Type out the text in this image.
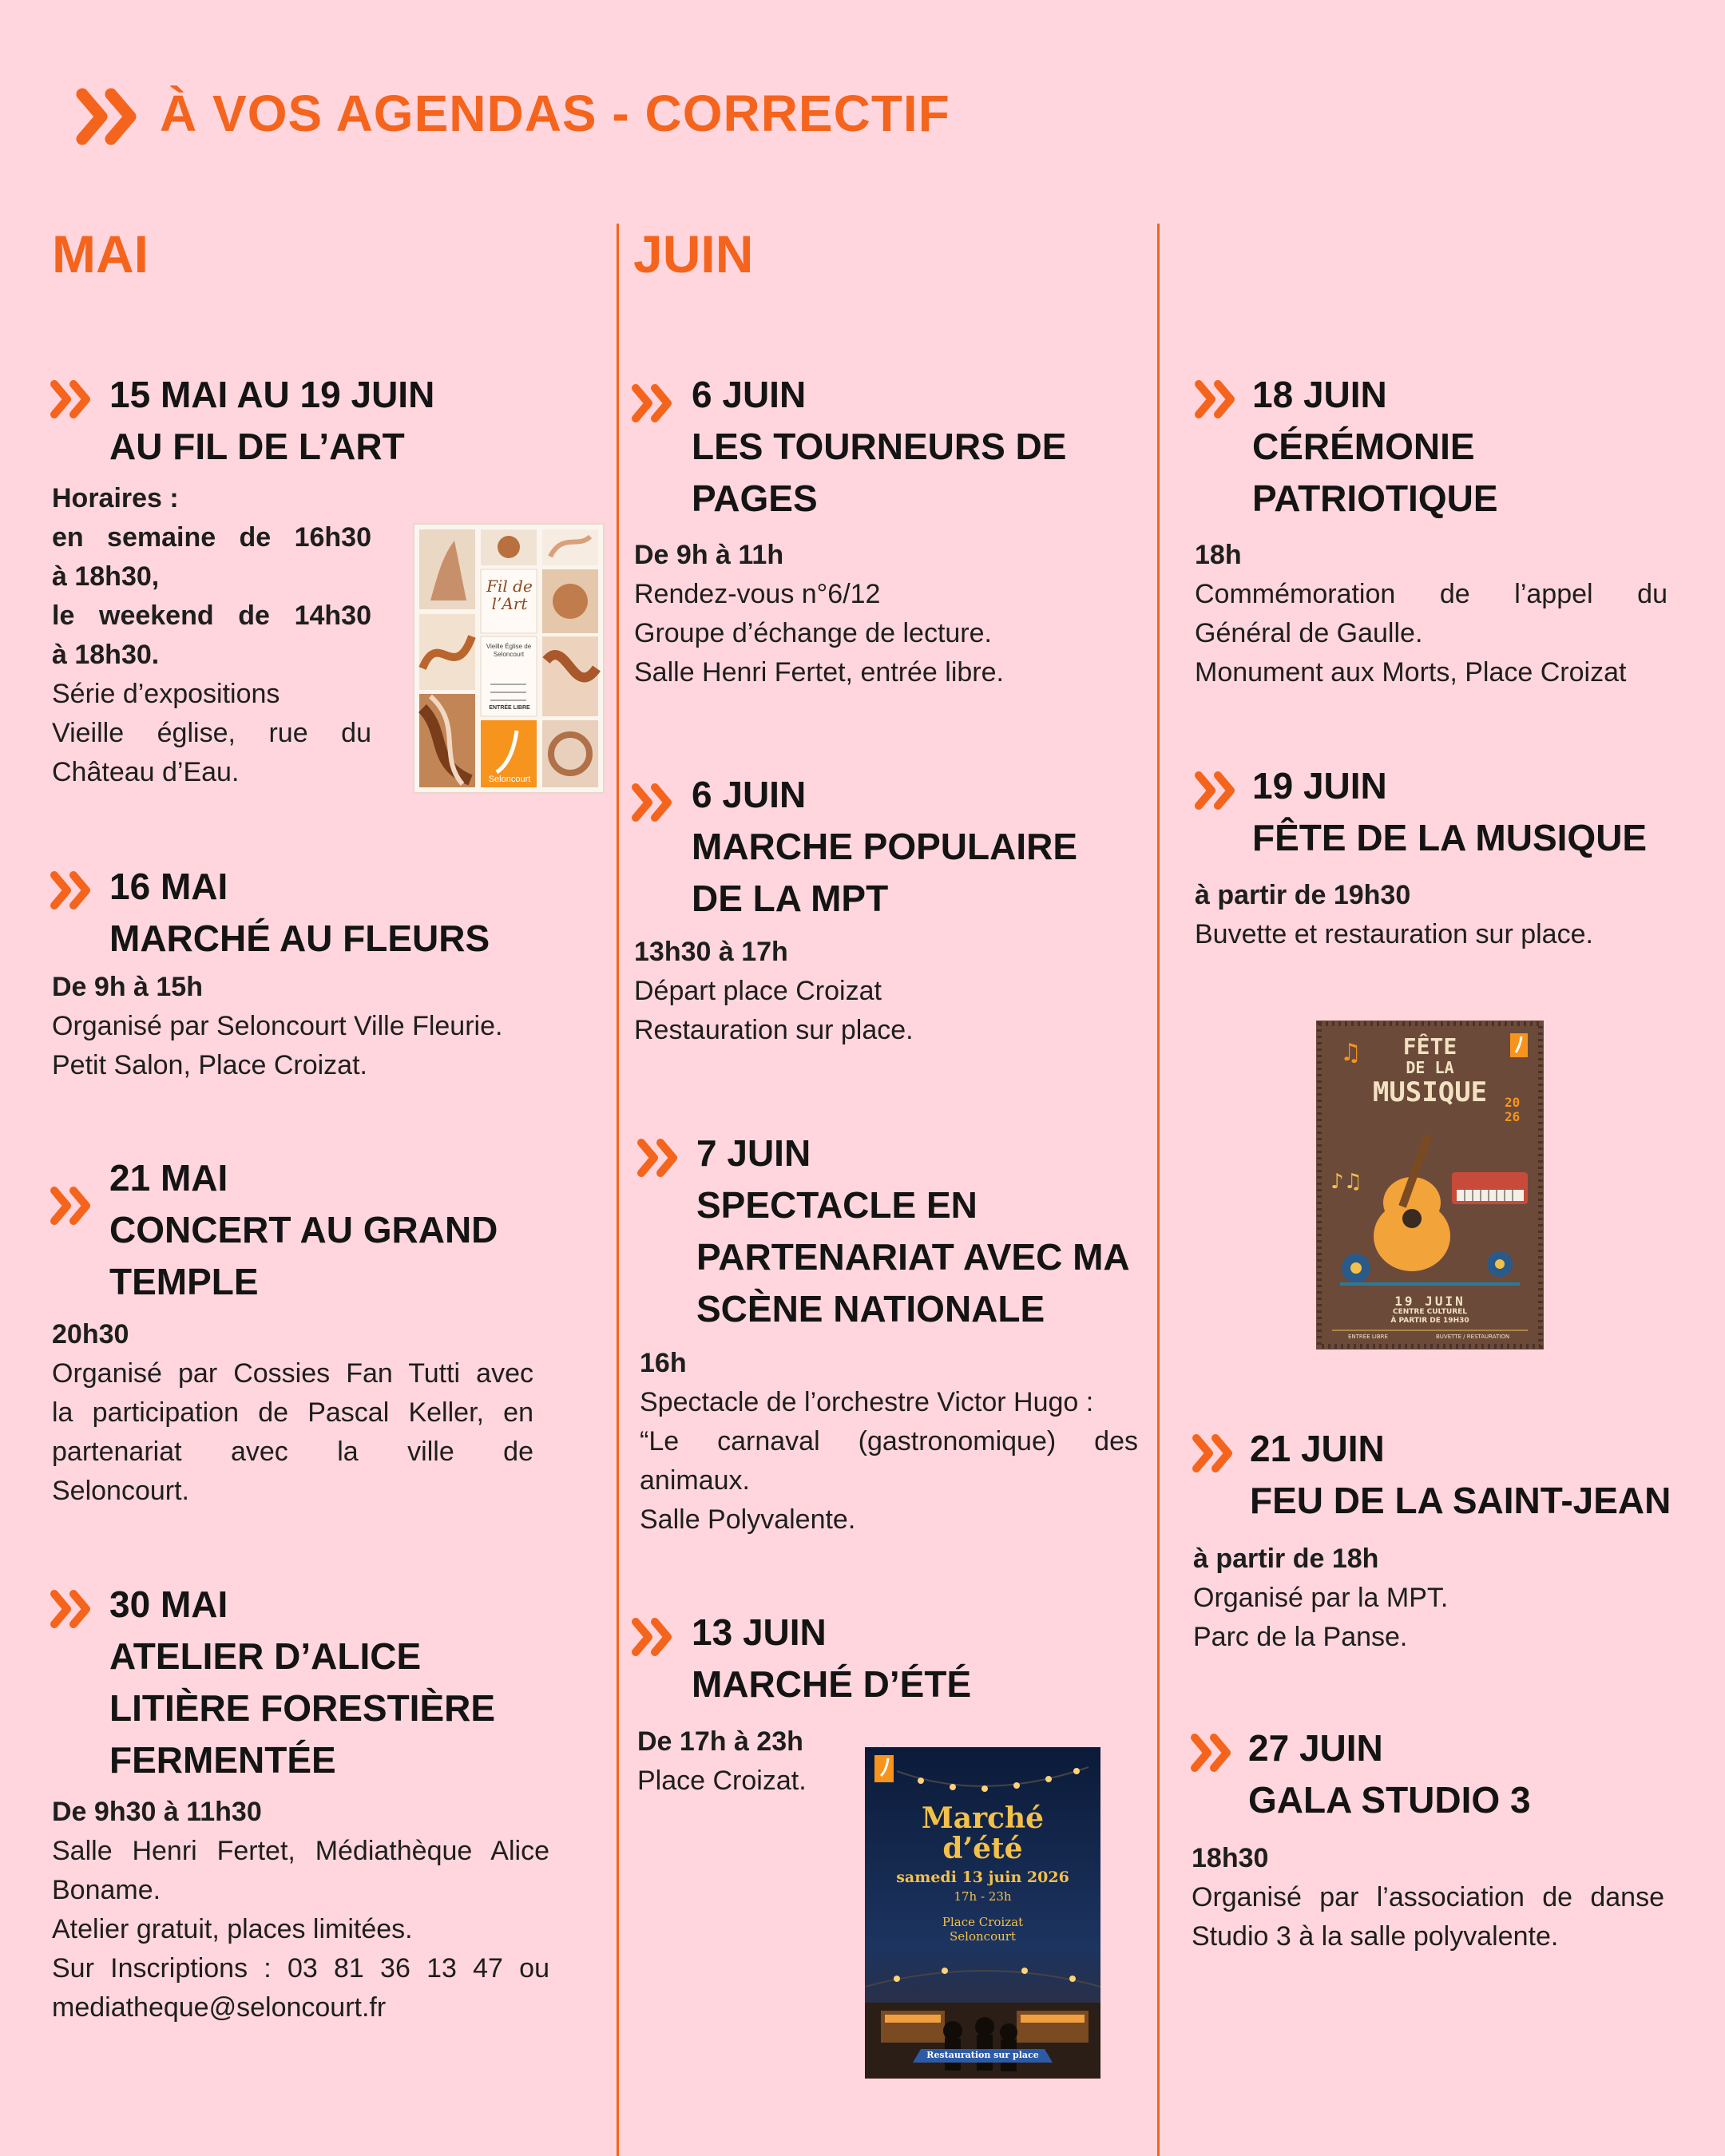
À VOS AGENDAS - CORRECTIF
MAI	JUIN
15 MAI AU 19 JUIN
AU FIL DE L’ART
Horaires :
en semaine de 16h30
à 18h30,
le weekend de 14h30
à 18h30.
Série d’expositions
Vieille église, rue du
Château d’Eau.
Fil de
l’Art
Vieille Église de Seloncourt
ENTRÉE LIBRE
Seloncourt
16 MAI
MARCHÉ AU FLEURS
De 9h à 15h
Organisé par Seloncourt Ville Fleurie.
Petit Salon, Place Croizat.
21 MAI
CONCERT AU GRAND
TEMPLE
20h30
Organisé par Cossies Fan Tutti avec
la participation de Pascal Keller, en
partenariat avec la ville de
Seloncourt.
30 MAI
ATELIER D’ALICE
LITIÈRE FORESTIÈRE
FERMENTÉE
De 9h30 à 11h30
Salle Henri Fertet, Médiathèque Alice
Boname.
Atelier gratuit, places limitées.
Sur Inscriptions : 03 81 36 13 47 ou
mediatheque@seloncourt.fr
6 JUIN
LES TOURNEURS DE
PAGES
De 9h à 11h
Rendez-vous n°6/12
Groupe d’échange de lecture.
Salle Henri Fertet, entrée libre.
6 JUIN
MARCHE POPULAIRE
DE LA MPT
13h30 à 17h
Départ place Croizat
Restauration sur place.
7 JUIN
SPECTACLE EN
PARTENARIAT AVEC MA
SCÈNE NATIONALE
16h
Spectacle de l’orchestre Victor Hugo :
“Le carnaval (gastronomique) des
animaux.
Salle Polyvalente.
13 JUIN
MARCHÉ D’ÉTÉ
De 17h à 23h
Place Croizat.
Marché
d’été
samedi 13 juin 2026
17h - 23h
Place Croizat
Seloncourt
Restauration sur place
18 JUIN
CÉRÉMONIE
PATRIOTIQUE
18h
Commémoration de l’appel du
Général de Gaulle.
Monument aux Morts, Place Croizat
19 JUIN
FÊTE DE LA MUSIQUE
à partir de 19h30
Buvette et restauration sur place.
♫
♪♫
FÊTE
DE LA
MUSIQUE	20
26
19 JUIN
CENTRE CULTUREL
À PARTIR DE 19H30
ENTRÉE LIBRE	BUVETTE / RESTAURATION
21 JUIN
FEU DE LA SAINT-JEAN
à partir de 18h
Organisé par la MPT.
Parc de la Panse.
27 JUIN
GALA STUDIO 3
18h30
Organisé par l’association de danse
Studio 3 à la salle polyvalente.
